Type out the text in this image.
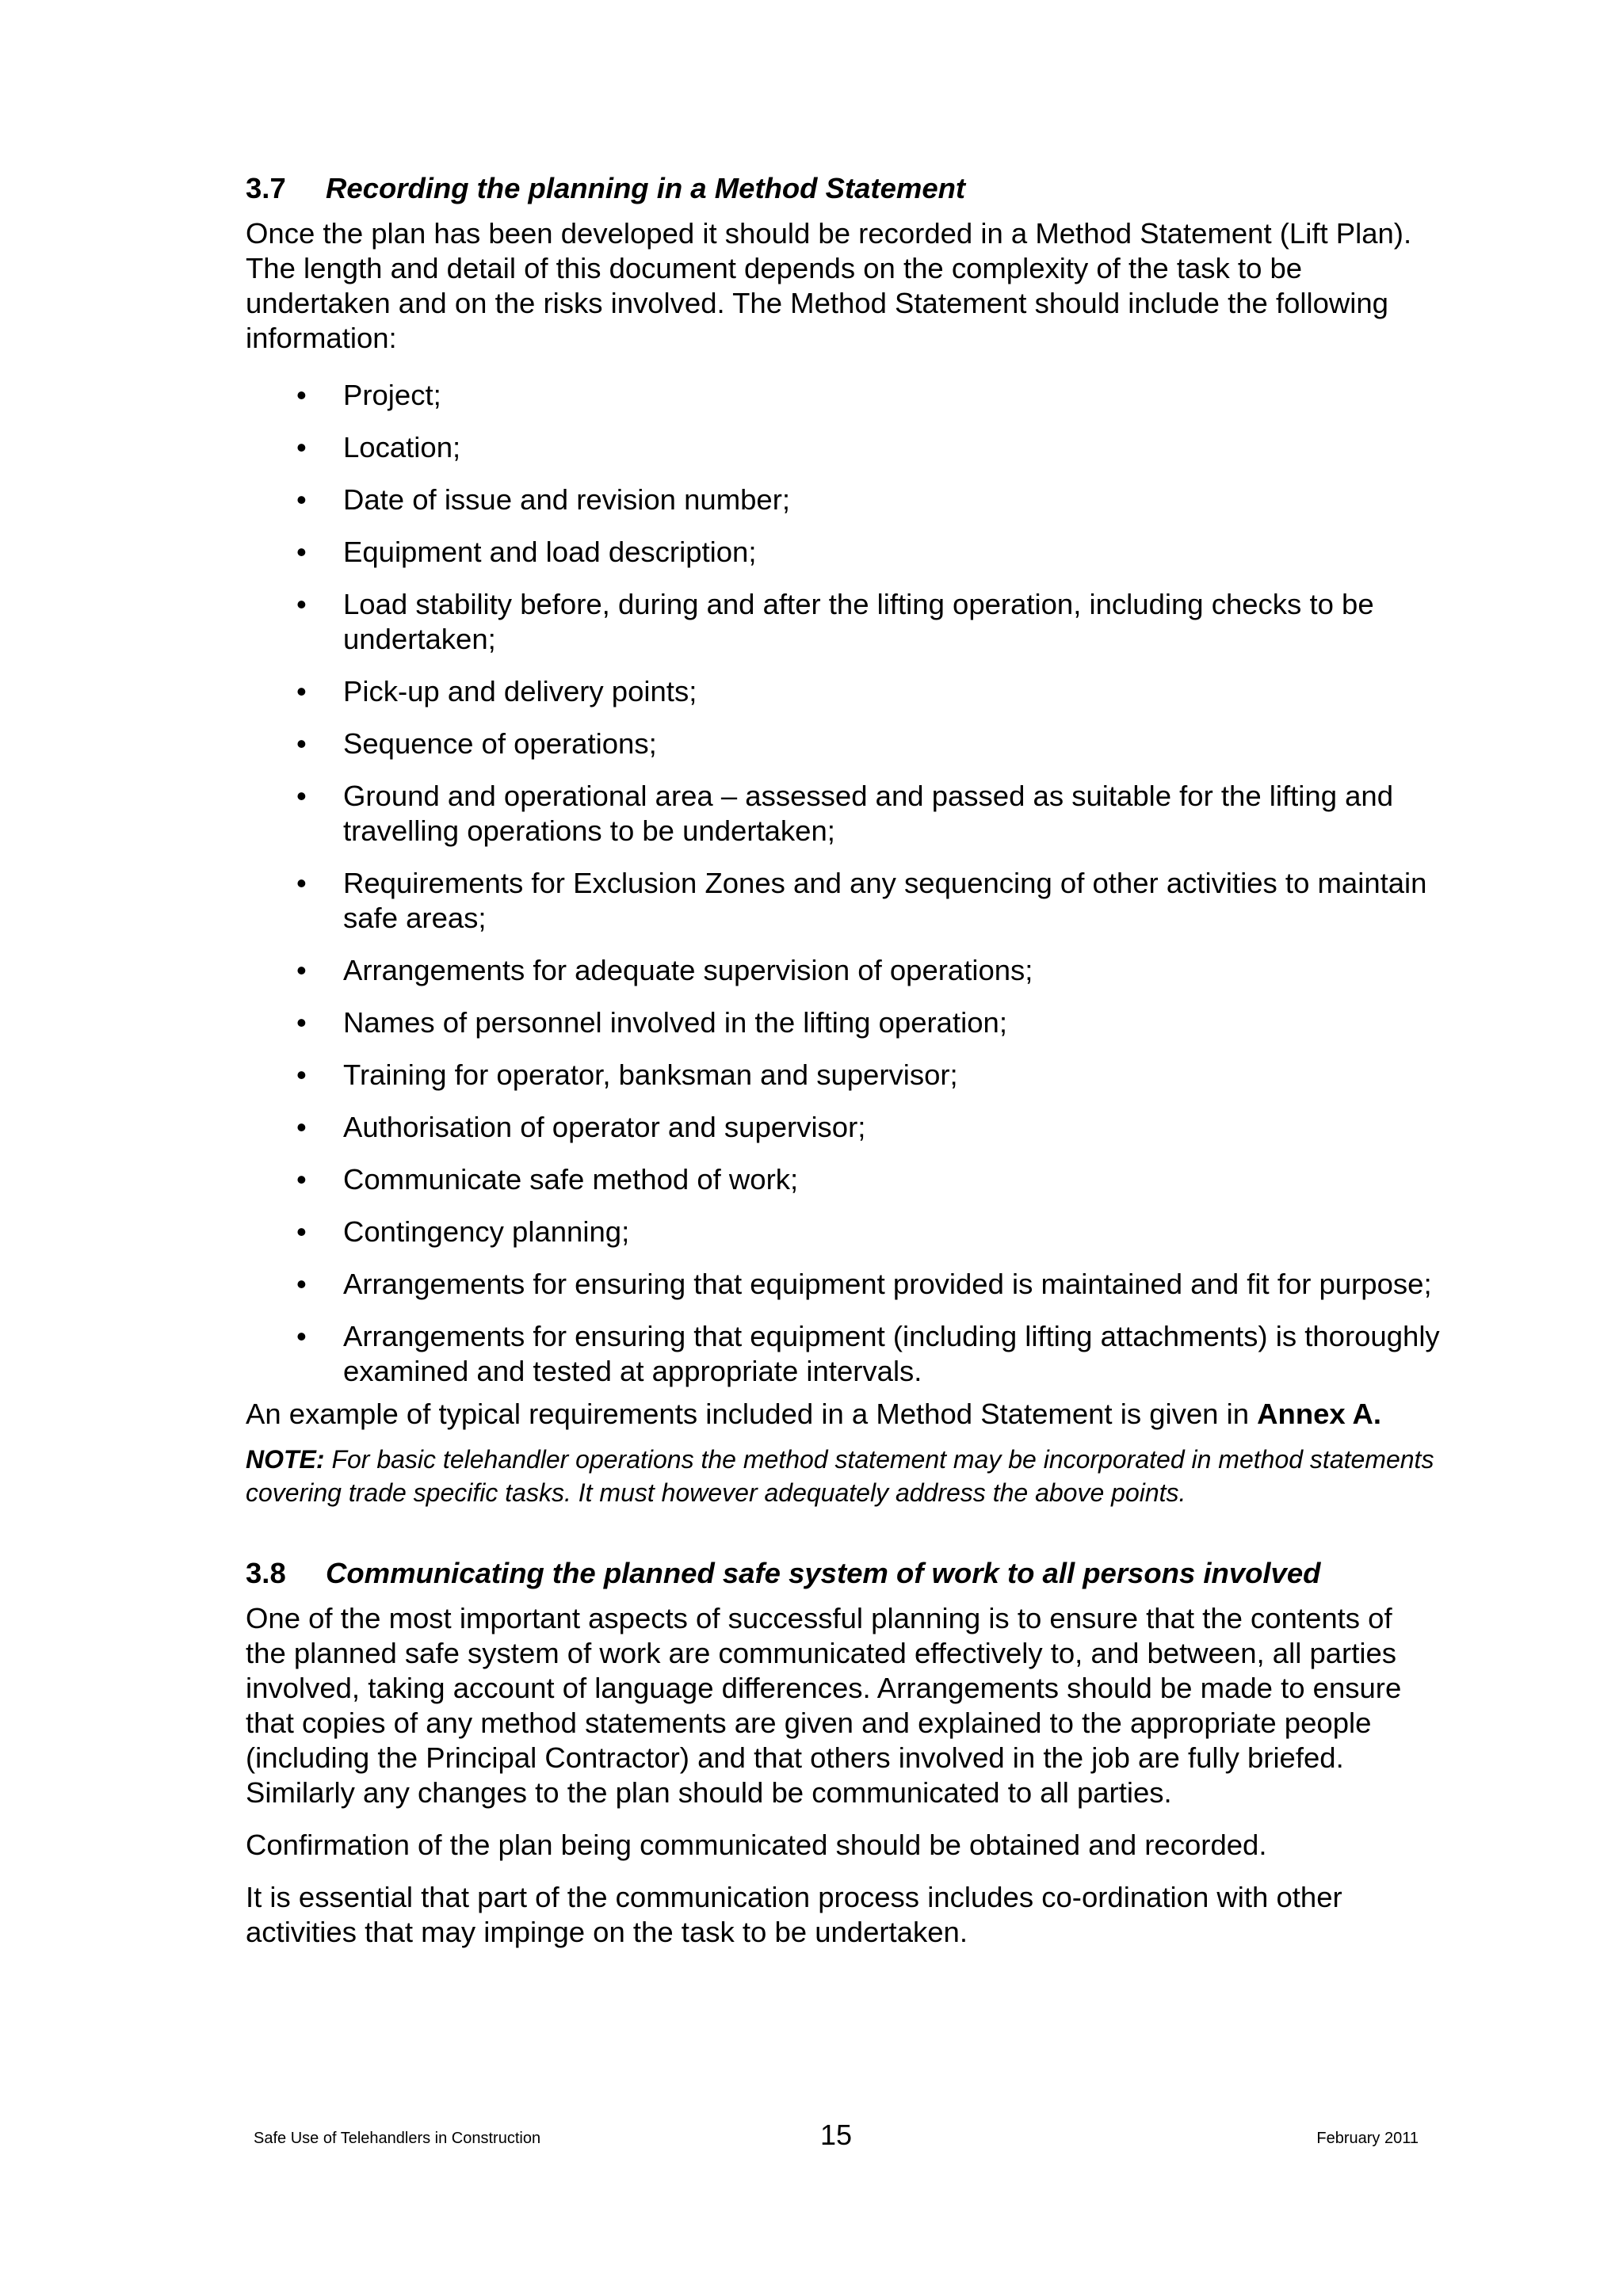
3.7	Recording the planning in a Method Statement

Once the plan has been developed it should be recorded in a Method Statement (Lift Plan). The length and detail of this document depends on the complexity of the task to be undertaken and on the risks involved. The Method Statement should include the following information:

• Project;
• Location;
• Date of issue and revision number;
• Equipment and load description;
• Load stability before, during and after the lifting operation, including checks to be undertaken;
• Pick-up and delivery points;
• Sequence of operations;
• Ground and operational area – assessed and passed as suitable for the lifting and travelling operations to be undertaken;
• Requirements for Exclusion Zones and any sequencing of other activities to maintain safe areas;
• Arrangements for adequate supervision of operations;
• Names of personnel involved in the lifting operation;
• Training for operator, banksman and supervisor;
• Authorisation of operator and supervisor;
• Communicate safe method of work;
• Contingency planning;
• Arrangements for ensuring that equipment provided is maintained and fit for purpose;
• Arrangements for ensuring that equipment (including lifting attachments) is thoroughly examined and tested at appropriate intervals.

An example of typical requirements included in a Method Statement is given in Annex A.

NOTE: For basic telehandler operations the method statement may be incorporated in method statements covering trade specific tasks. It must however adequately address the above points.

3.8	Communicating the planned safe system of work to all persons involved

One of the most important aspects of successful planning is to ensure that the contents of the planned safe system of work are communicated effectively to, and between, all parties involved, taking account of language differences. Arrangements should be made to ensure that copies of any method statements are given and explained to the appropriate people (including the Principal Contractor) and that others involved in the job are fully briefed. Similarly any changes to the plan should be communicated to all parties.

Confirmation of the plan being communicated should be obtained and recorded.

It is essential that part of the communication process includes co-ordination with other activities that may impinge on the task to be undertaken.

Safe Use of Telehandlers in Construction	15	February 2011
